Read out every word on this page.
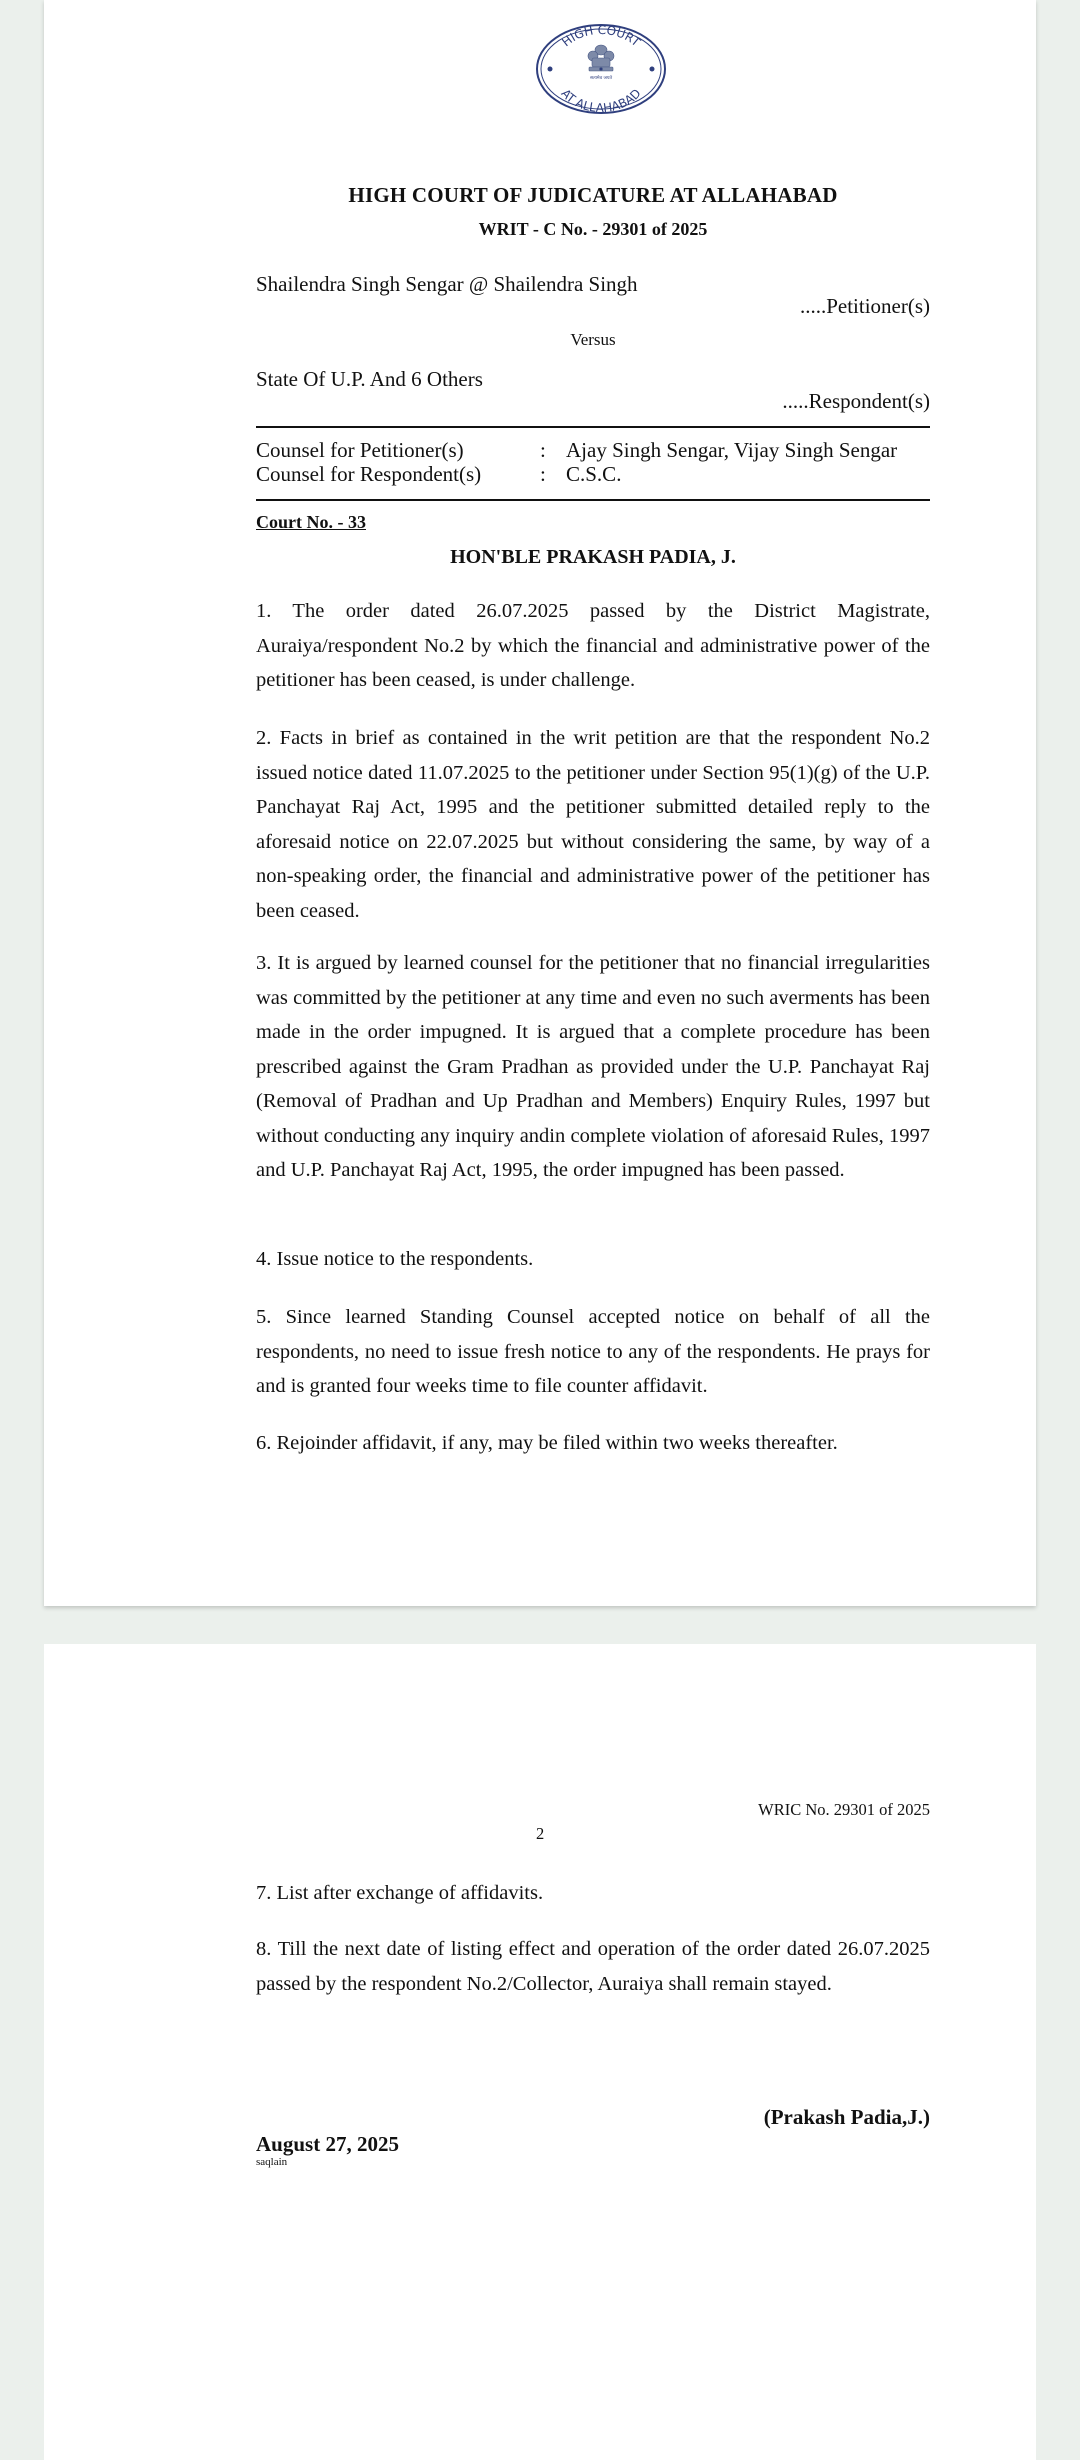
HIGH COURT
AT ALLAHABAD
सत्यमेव जयते
HIGH COURT OF JUDICATURE AT ALLAHABAD
WRIT - C No. - 29301 of 2025
Shailendra Singh Sengar @ Shailendra Singh
.....Petitioner(s)
Versus
State Of U.P. And 6 Others
.....Respondent(s)
Counsel for Petitioner(s)	: Ajay Singh Sengar, Vijay Singh Sengar
Counsel for Respondent(s)	: C.S.C.
Court No. - 33
HON'BLE PRAKASH PADIA, J.

1. The order dated 26.07.2025 passed by the District Magistrate, Auraiya/respondent No.2 by which the financial and administrative power of the petitioner has been ceased, is under challenge.

2. Facts in brief as contained in the writ petition are that the respondent No.2 issued notice dated 11.07.2025 to the petitioner under Section 95(1)(g) of the U.P. Panchayat Raj Act, 1995 and the petitioner submitted detailed reply to the aforesaid notice on 22.07.2025 but without considering the same, by way of a non-speaking order, the financial and administrative power of the petitioner has been ceased.

3. It is argued by learned counsel for the petitioner that no financial irregularities was committed by the petitioner at any time and even no such averments has been made in the order impugned. It is argued that a complete procedure has been prescribed against the Gram Pradhan as provided under the U.P. Panchayat Raj (Removal of Pradhan and Up Pradhan and Members) Enquiry Rules, 1997 but without conducting any inquiry andin complete violation of aforesaid Rules, 1997 and U.P. Panchayat Raj Act, 1995, the order impugned has been passed.

4. Issue notice to the respondents.

5. Since learned Standing Counsel accepted notice on behalf of all the respondents, no need to issue fresh notice to any of the respondents. He prays for and is granted four weeks time to file counter affidavit.

6. Rejoinder affidavit, if any, may be filed within two weeks thereafter.

WRIC No. 29301 of 2025
2

7. List after exchange of affidavits.

8. Till the next date of listing effect and operation of the order dated 26.07.2025 passed by the respondent No.2/Collector, Auraiya shall remain stayed.

(Prakash Padia,J.)
August 27, 2025
saqlain
